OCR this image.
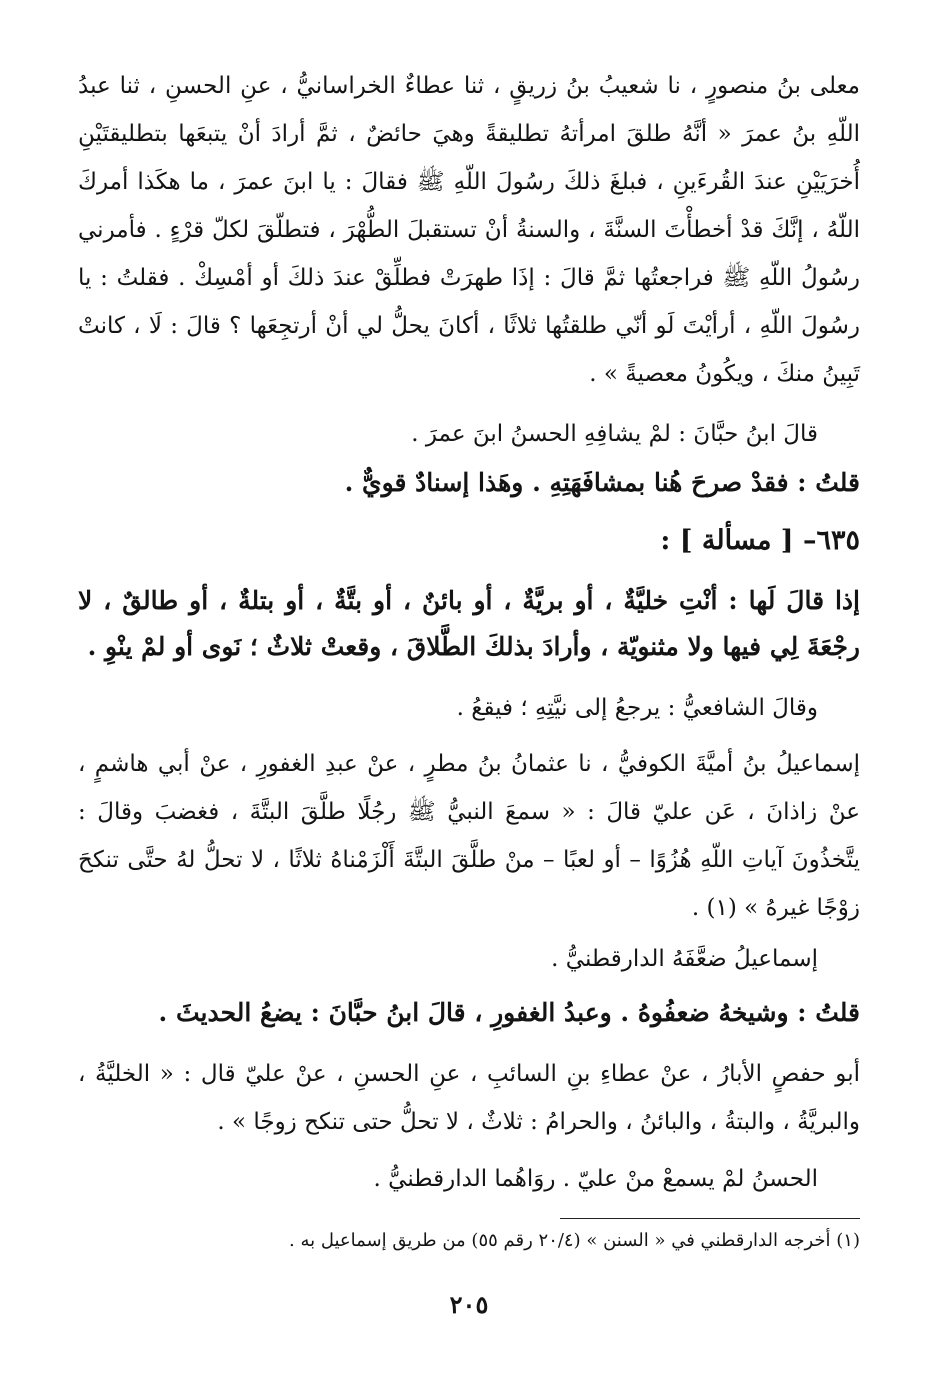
معلى بنُ منصورٍ ، نا شعيبُ بنُ زريقٍ ، ثنا عطاءٌ الخراسانيُّ ، عنِ الحسنِ ، ثنا عبدُ اللّهِ بنُ عمرَ « أنَّهُ طلقَ امرأتهُ تطليقةً وهيَ حائضٌ ، ثمَّ أرادَ أنْ يتبعَها بتطليقتَيْنِ أُخرَيَيْنِ عندَ القُرءَينِ ، فبلغَ ذلكَ رسُولَ اللّهِ ﷺ فقالَ : يا ابنَ عمرَ ، ما هكَذا أمركَ اللّهُ ، إنَّكَ قدْ أخطأْتَ السنَّةَ ، والسنةُ أنْ تستقبلَ الطُّهْرَ ، فتطلّقَ لكلّ قرْءٍ . فأمرني رسُولُ اللّهِ ﷺ فراجعتُها ثمَّ قالَ : إذَا طهرَتْ فطلِّقْ عندَ ذلكَ أو أمْسِكْ . فقلتُ : يا رسُولَ اللّهِ ، أرأيْتَ لَو أنّي طلقتُها ثلاثًا ، أكانَ يحلُّ لي أنْ أرتجِعَها ؟ قالَ : لَا ، كانتْ تَبِينُ منكَ ، ويكُونُ معصيةً » .
قالَ ابنُ حبَّانَ : لمْ يشافِهِ الحسنُ ابنَ عمرَ .
قلتُ : فقدْ صرحَ هُنا بمشافَهَتِهِ . وهَذا إسنادٌ قويٌّ .
٦٣٥– [ مسألة ] :
إذا قالَ لَها : أنْتِ خليَّةٌ ، أو بريَّةٌ ، أو بائنٌ ، أو بتَّةٌ ، أو بتلةٌ ، أو طالقٌ ، لا رجْعَةَ لِي فيها ولا مثنويّة ، وأرادَ بذلكَ الطَّلاقَ ، وقعتْ ثلاثٌ ؛ نَوى أو لمْ ينْوِ .
وقالَ الشافعيُّ : يرجعُ إلى نيَّتِهِ ؛ فيقعُ .
إسماعيلُ بنُ أميَّةَ الكوفيُّ ، نا عثمانُ بنُ مطرٍ ، عنْ عبدِ الغفورِ ، عنْ أبي هاشمٍ ، عنْ زاذانَ ، عَن عليّ قالَ : « سمعَ النبيُّ ﷺ رجُلًا طلَّقَ البتَّةَ ، فغضبَ وقالَ : يتَّخذُونَ آياتِ اللّهِ هُزُوًا – أو لعبًا – منْ طلَّقَ البتَّةَ أَلْزَمْناهُ ثلاثًا ، لا تحلُّ لهُ حتَّى تنكحَ زوْجًا غيرهُ » (١) .
إسماعيلُ ضعَّفَهُ الدارقطنيُّ .
قلتُ : وشيخهُ ضعفُوهُ . وعبدُ الغفورِ ، قالَ ابنُ حبَّانَ : يضعُ الحديثَ .
أبو حفصٍ الأبارُ ، عنْ عطاءِ بنِ السائبِ ، عنِ الحسنِ ، عنْ عليّ قال : « الخليَّةُ ، والبريَّةُ ، والبتةُ ، والبائنُ ، والحرامُ : ثلاثٌ ، لا تحلُّ حتى تنكح زوجًا » .
الحسنُ لمْ يسمعْ منْ عليّ . روَاهُما الدارقطنيُّ .
(١) أخرجه الدارقطني في « السنن » (٢٠/٤ رقم ٥٥) من طريق إسماعيل به .
٢٠٥
